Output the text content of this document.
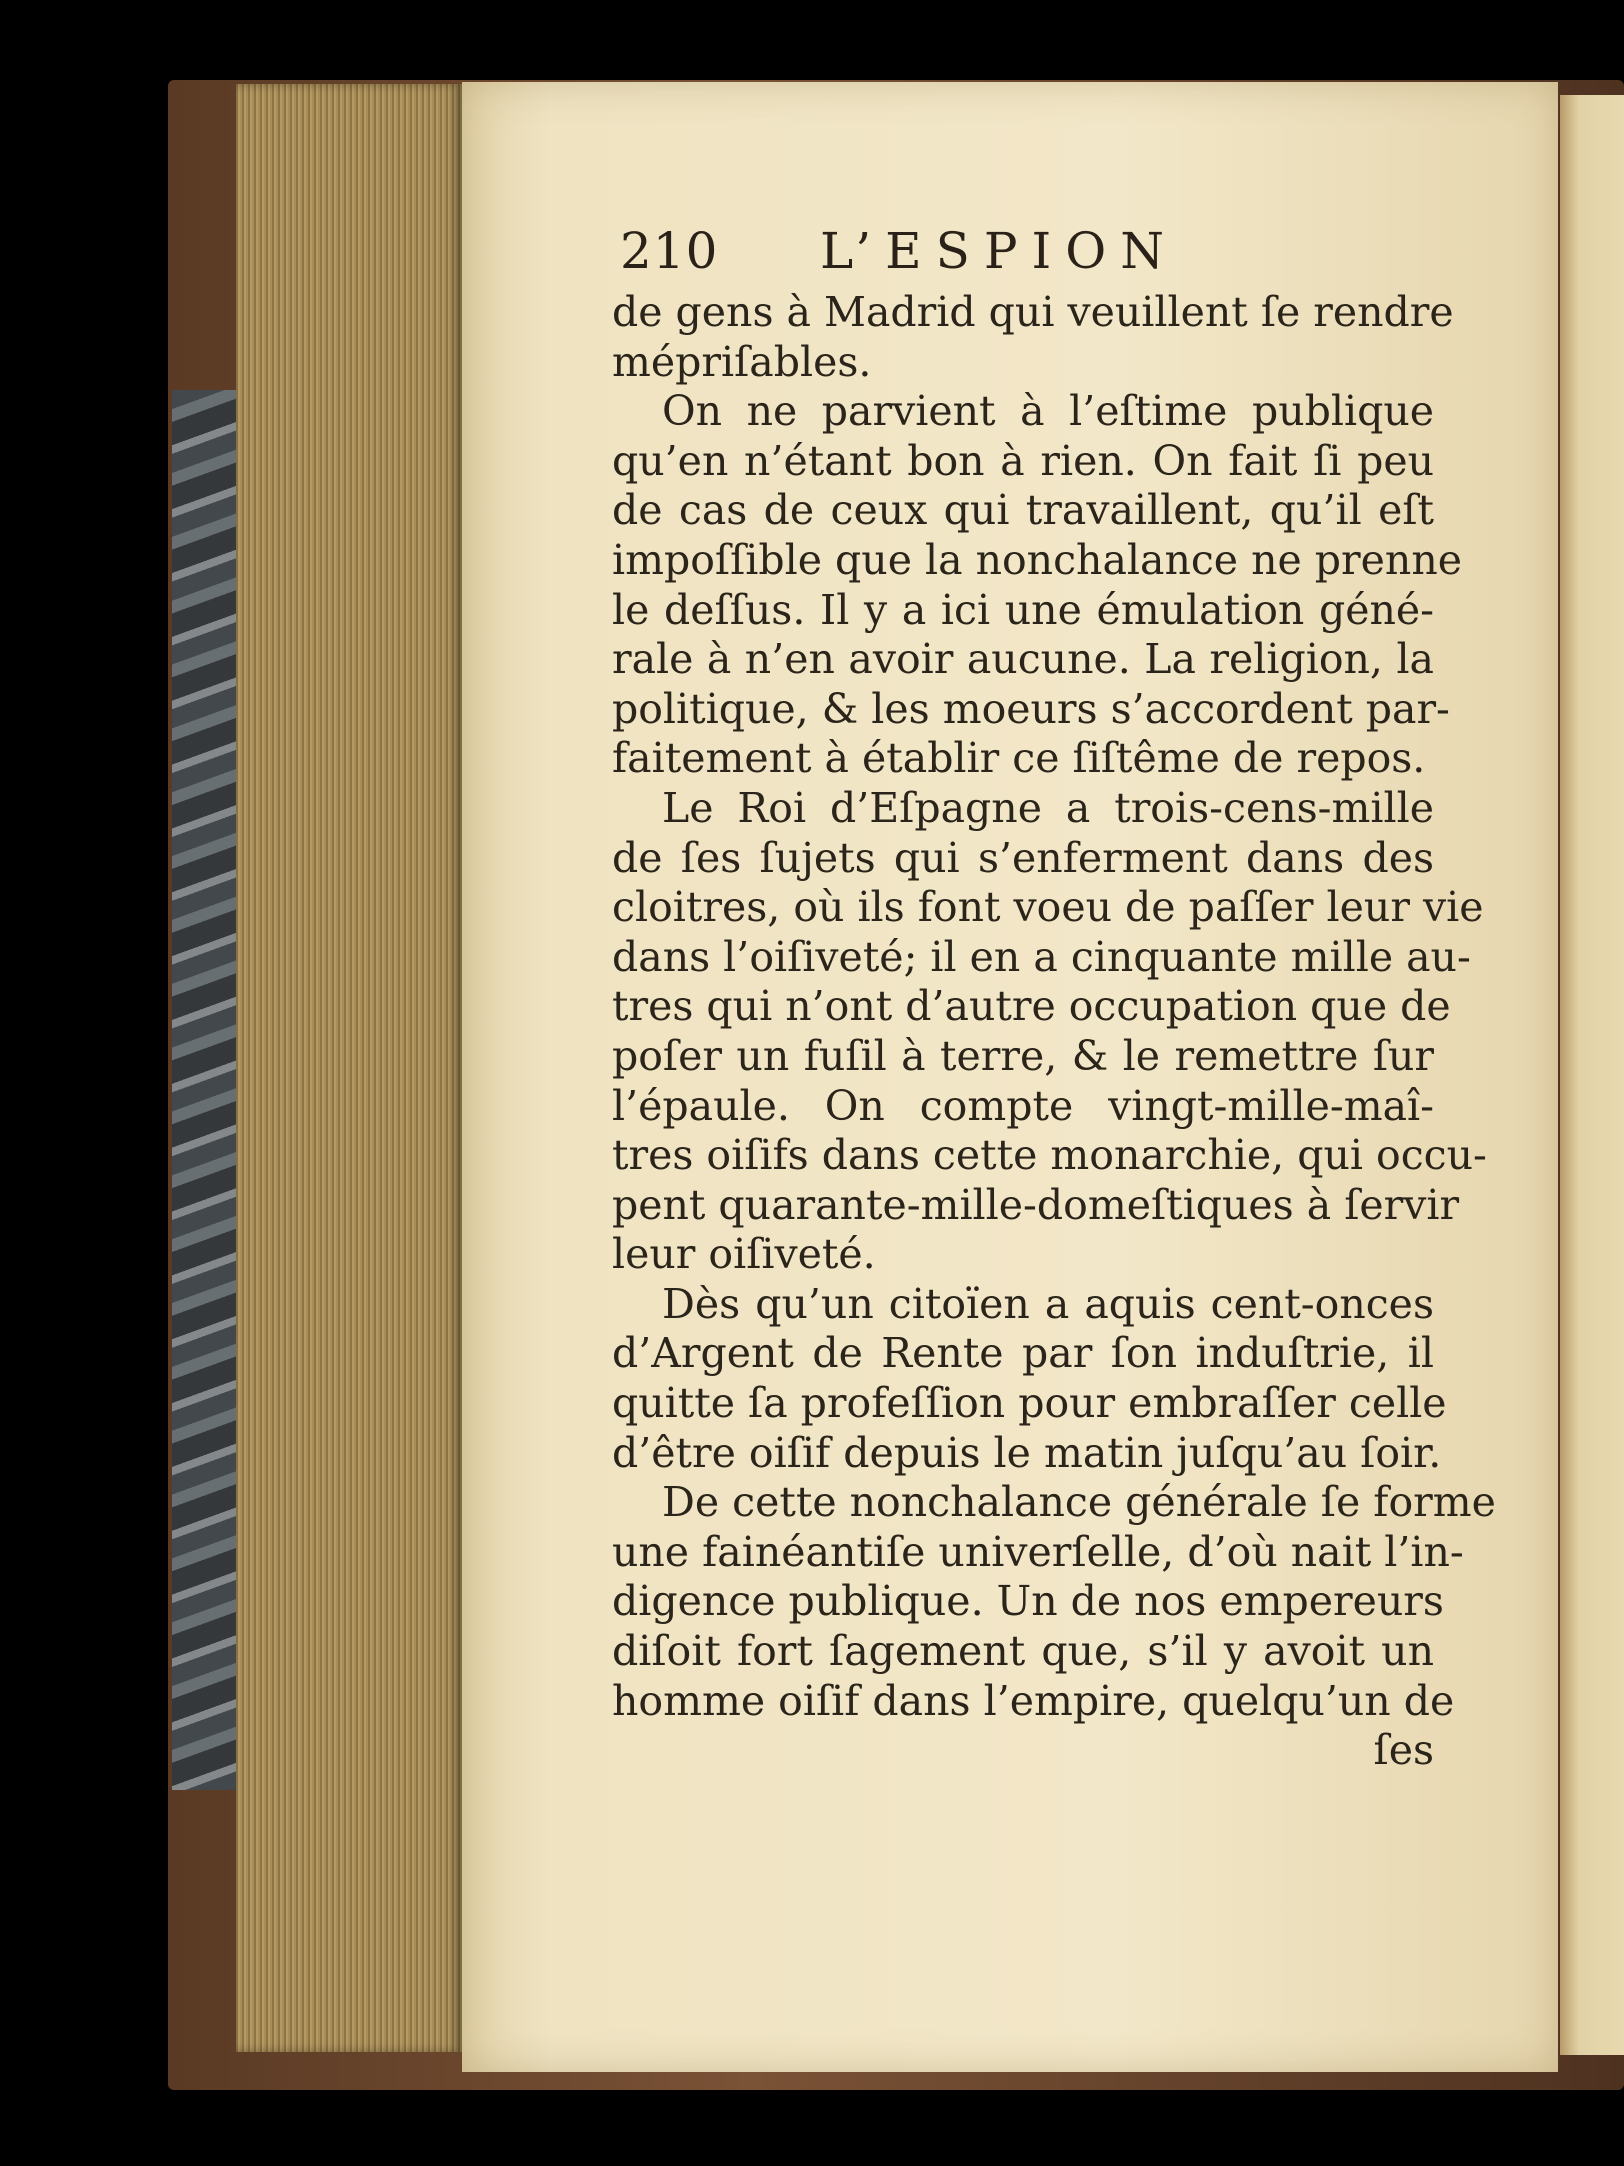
210 L’ESPION
de gens à Madrid qui veuillent ſe rendre
mépriſables.
On ne parvient à l’eſtime publique
qu’en n’étant bon à rien. On fait ſi peu
de cas de ceux qui travaillent, qu’il eſt
impoſſible que la nonchalance ne prenne
le deſſus. Il y a ici une émulation géné-
rale à n’en avoir aucune. La religion, la
politique, & les moeurs s’accordent par-
faitement à établir ce ſiſtême de repos.
Le Roi d’Eſpagne a trois-cens-mille
de ſes ſujets qui s’enferment dans des
cloitres, où ils font voeu de paſſer leur vie
dans l’oiſiveté; il en a cinquante mille au-
tres qui n’ont d’autre occupation que de
poſer un fuſil à terre, & le remettre ſur
l’épaule. On compte vingt-mille-maî-
tres oiſifs dans cette monarchie, qui occu-
pent quarante-mille-domeſtiques à ſervir
leur oiſiveté.
Dès qu’un citoïen a aquis cent-onces
d’Argent de Rente par ſon induſtrie, il
quitte ſa profeſſion pour embraſſer celle
d’être oiſif depuis le matin juſqu’au ſoir.
De cette nonchalance générale ſe forme
une fainéantiſe univerſelle, d’où nait l’in-
digence publique. Un de nos empereurs
diſoit fort ſagement que, s’il y avoit un
homme oiſif dans l’empire, quelqu’un de
ſes
